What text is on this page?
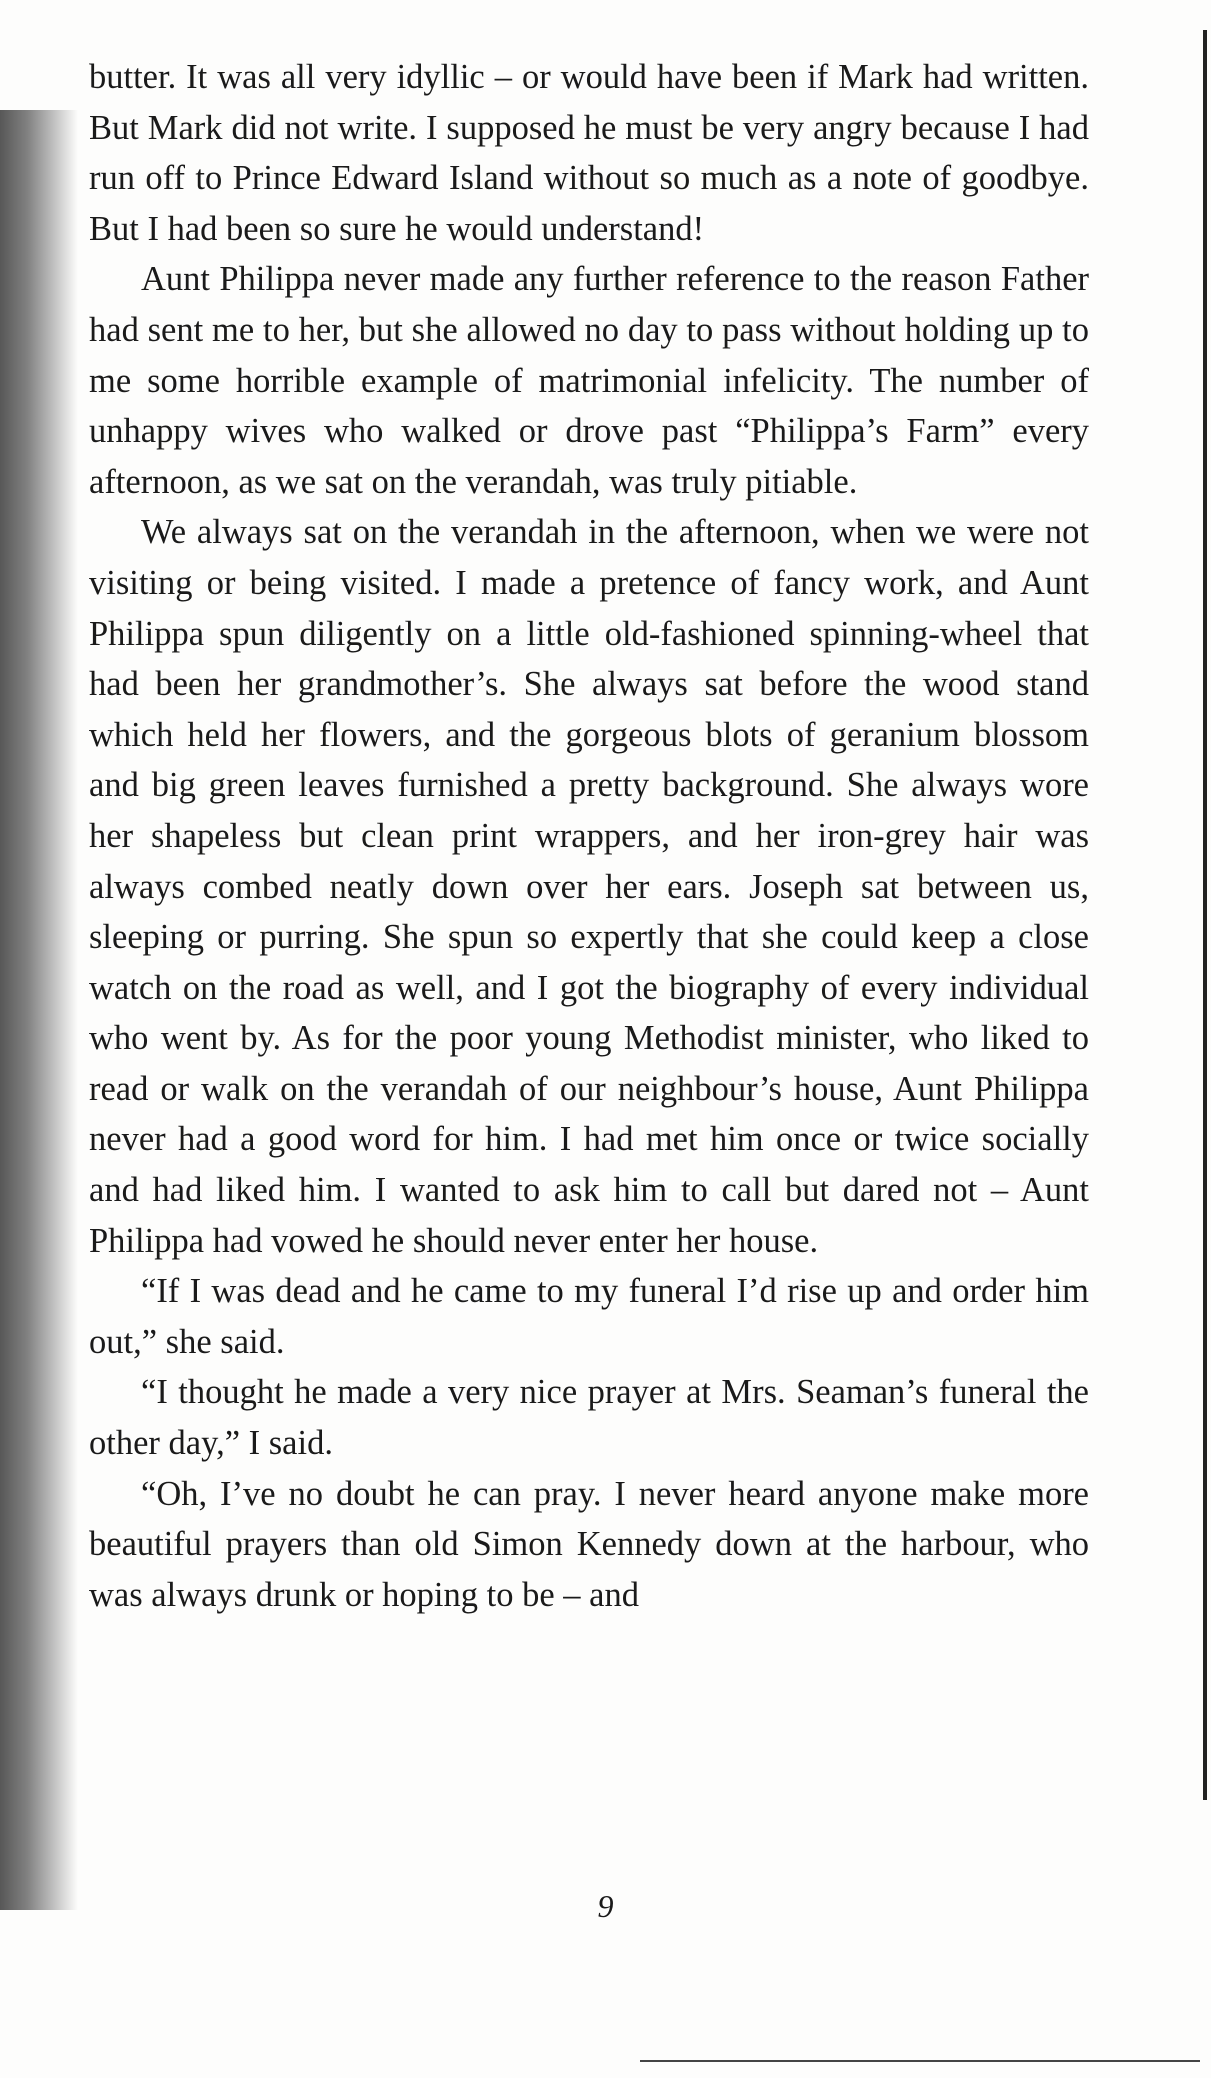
butter. It was all very idyllic – or would have been if Mark had written. But Mark did not write. I supposed he must be very angry because I had run off to Prince Edward Island without so much as a note of goodbye. But I had been so sure he would understand!

Aunt Philippa never made any further reference to the reason Father had sent me to her, but she allowed no day to pass without holding up to me some horrible example of matrimonial infelicity. The number of unhappy wives who walked or drove past “Philippa’s Farm” every afternoon, as we sat on the verandah, was truly pitiable.

We always sat on the verandah in the afternoon, when we were not visiting or being visited. I made a pretence of fancy work, and Aunt Philippa spun diligently on a little old-fashioned spinning-wheel that had been her grandmother’s. She always sat before the wood stand which held her flowers, and the gorgeous blots of geranium blossom and big green leaves furnished a pretty background. She always wore her shapeless but clean print wrappers, and her iron-grey hair was always combed neatly down over her ears. Joseph sat between us, sleeping or purring. She spun so expertly that she could keep a close watch on the road as well, and I got the biography of every individual who went by. As for the poor young Methodist minister, who liked to read or walk on the verandah of our neighbour’s house, Aunt Philippa never had a good word for him. I had met him once or twice socially and had liked him. I wanted to ask him to call but dared not – Aunt Philippa had vowed he should never enter her house.

“If I was dead and he came to my funeral I’d rise up and order him out,” she said.

“I thought he made a very nice prayer at Mrs. Seaman’s funeral the other day,” I said.

“Oh, I’ve no doubt he can pray. I never heard anyone make more beautiful prayers than old Simon Kennedy down at the harbour, who was always drunk or hoping to be – and

9
